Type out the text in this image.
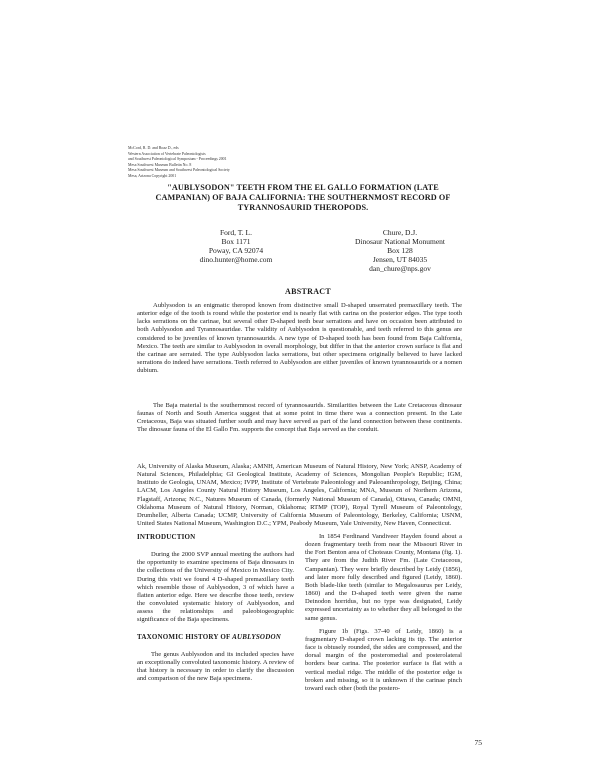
McCord, R. D. and Boaz D., eds
Western Association of Vertebrate Paleontologists
and Southwest Paleontological Symposium - Proceedings 2001
Mesa Southwest Museum Bulletin No. 8
Mesa Southwest Museum and Southwest Paleontological Society
Mesa, Arizona Copyright 2001
"AUBLYSODON" TEETH FROM THE EL GALLO FORMATION (LATE CAMPANIAN) OF BAJA CALIFORNIA: THE SOUTHERNMOST RECORD OF TYRANNOSAURID THEROPODS.
Ford, T. L.
Box 1171
Poway, CA 92074
dino.hunter@home.com
Chure, D.J.
Dinosaur National Monument
Box 128
Jensen, UT 84035
dan_chure@nps.gov
ABSTRACT
Aublysodon is an enigmatic theropod known from distinctive small D-shaped unserrated premaxillary teeth. The anterior edge of the tooth is round while the posterior end is nearly flat with carina on the posterior edges. The type tooth lacks serrations on the carinae, but several other D-shaped teeth bear serrations and have on occasion been attributed to both Aublysodon and Tyrannosauridae. The validity of Aublysodon is questionable, and teeth referred to this genus are considered to be juveniles of known tyrannosaurids. A new type of D-shaped tooth has been found from Baja California, Mexico. The teeth are similar to Aublysodon in overall morphology, but differ in that the anterior crown surface is flat and the carinae are serrated. The type Aublysodon lacks serrations, but other specimens originally believed to have lacked serrations do indeed have serrations. Teeth referred to Aublysodon are either juveniles of known tyrannosaurids or a nomen dubium.
The Baja material is the southernmost record of tyrannosaurids. Similarities between the Late Cretaceous dinosaur faunas of North and South America suggest that at some point in time there was a connection present. In the Late Cretaceous, Baja was situated further south and may have served as part of the land connection between these continents. The dinosaur fauna of the El Gallo Fm. supports the concept that Baja served as the conduit.
Ak, University of Alaska Museum, Alaska; AMNH, American Museum of Natural History, New York; ANSP, Academy of Natural Sciences, Philadelphia; GI Geological Institute, Academy of Sciences, Mongolian People's Republic; IGM, Instituto de Geologia, UNAM, Mexico; IVPP, Institute of Vertebrate Paleontology and Paleoanthropology, Beijing, China; LACM, Los Angeles County Natural History Museum, Los Angeles, California; MNA, Museum of Northern Arizona, Flagstaff, Arizona; N.C., Natures Museum of Canada, (formerly National Museum of Canada), Ottawa, Canada; OMNI, Oklahoma Museum of Natural History, Norman, Oklahoma; RTMP (TOP), Royal Tyrell Museum of Paleontology, Drumheller, Alberta Canada; UCMP, University of California Museum of Paleontology, Berkeley, California; USNM, United States National Museum, Washington D.C.; YPM, Peabody Museum, Yale University, New Haven, Connecticut.
INTRODUCTION

During the 2000 SVP annual meeting the authors had the opportunity to examine specimens of Baja dinosaurs in the collections of the University of Mexico in Mexico City. During this visit we found 4 D-shaped premaxillary teeth which resemble those of Aublysodon, 3 of which have a flatten anterior edge. Here we describe those teeth, review the convoluted systematic history of Aublysodon, and assess the relationships and paleobiogeographic significance of the Baja specimens.

TAXONOMIC HISTORY OF AUBLYSODON

The genus Aublysodon and its included species have an exceptionally convoluted taxonomic history. A review of that history is necessary in order to clarify the discussion and comparison of the new Baja specimens.

In 1854 Ferdinand Vandiveer Hayden found about a dozen fragmentary teeth from near the Missouri River in the Fort Benton area of Choteaus County, Montana (fig. 1). They are from the Judith River Fm. (Late Cretaceous, Campanian). They were briefly described by Leidy (1856), and later more fully described and figured (Leidy, 1860). Both blade-like teeth (similar to Megalosaurus per Leidy, 1860) and the D-shaped teeth were given the name Deinodon horridus, but no type was designated, Leidy expressed uncertainty as to whether they all belonged to the same genus.

Figure 1b (Figs. 37-40 of Leidy, 1860) is a fragmentary D-shaped crown lacking its tip. The anterior face is obtusely rounded, the sides are compressed, and the dorsal margin of the posteromedial and posterolateral borders bear carina. The posterior surface is flat with a vertical medial ridge. The middle of the posterior edge is broken and missing, so it is unknown if the carinae pinch toward each other (both the postero-

75
